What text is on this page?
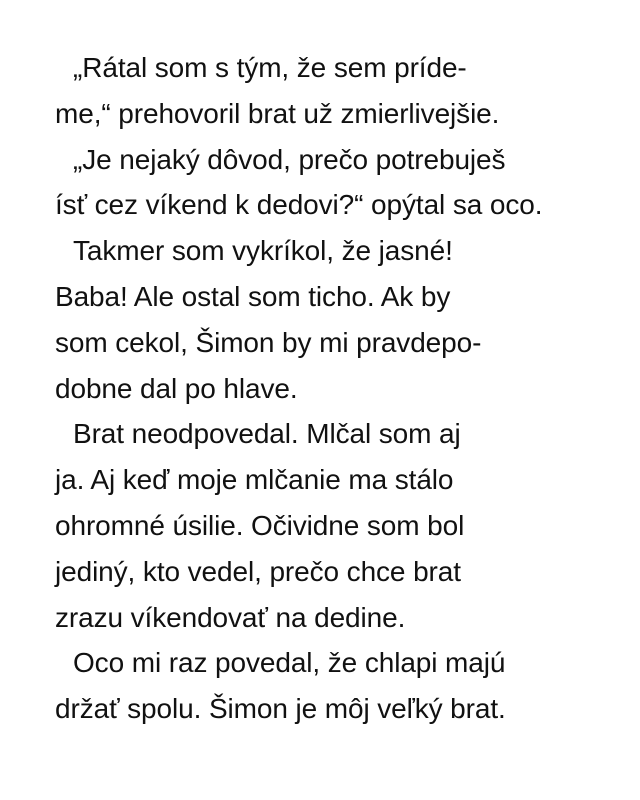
„Rátal som s tým, že sem príde-
me,“ prehovoril brat už zmierlivejšie.
„Je nejaký dôvod, prečo potrebuješ
ísť cez víkend k dedovi?“ opýtal sa oco.
Takmer som vykríkol, že jasné!
Baba! Ale ostal som ticho. Ak by
som cekol, Šimon by mi pravdepo-
dobne dal po hlave.
Brat neodpovedal. Mlčal som aj
ja. Aj keď moje mlčanie ma stálo
ohromné úsilie. Očividne som bol
jediný, kto vedel, prečo chce brat
zrazu víkendovať na dedine.
Oco mi raz povedal, že chlapi majú
držať spolu. Šimon je môj veľký brat.
